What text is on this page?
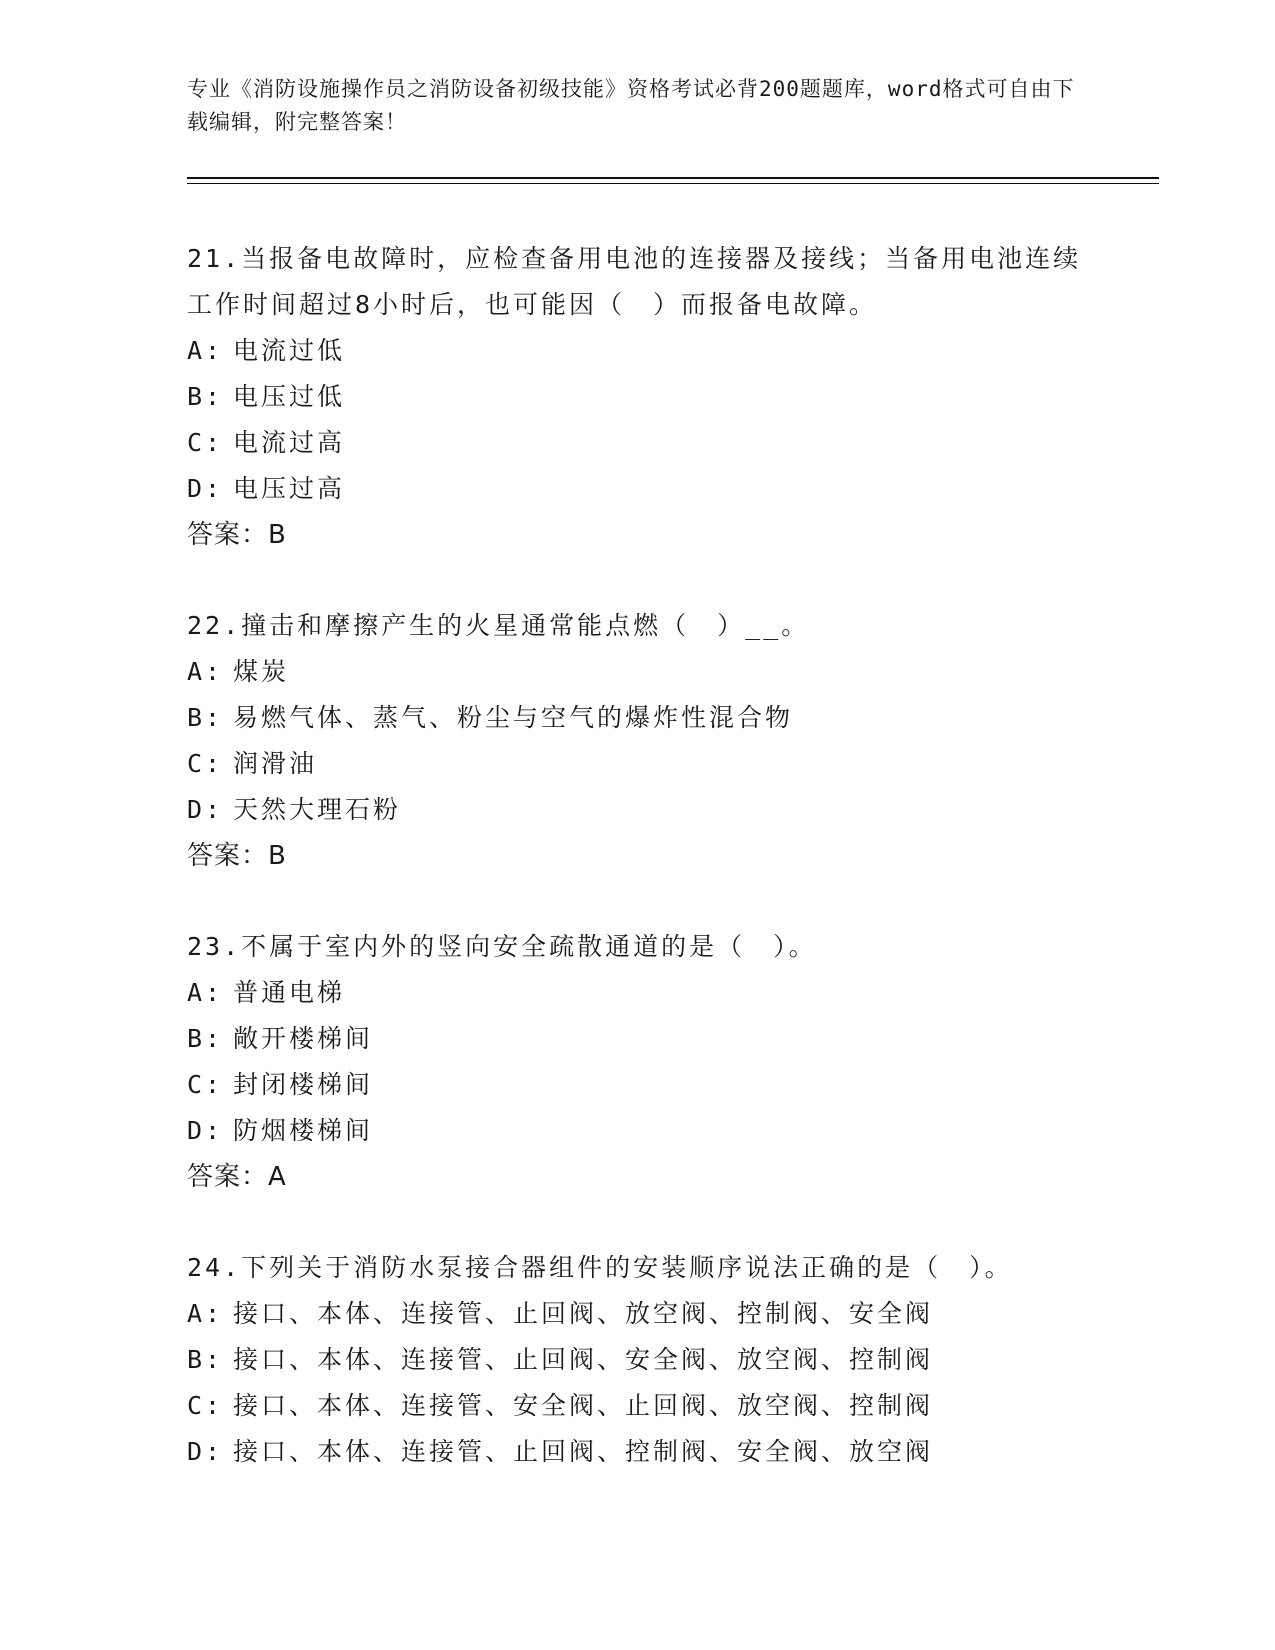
专业《消防设施操作员之消防设备初级技能》资格考试必背200题题库，word格式可自由下载编辑，附完整答案！

21.当报备电故障时，应检查备用电池的连接器及接线；当备用电池连续工作时间超过8小时后，也可能因（　）而报备电故障。

A: 电流过低
B: 电压过低
C: 电流过高
D: 电压过高
答案：B

22.撞击和摩擦产生的火星通常能点燃（　）__。

A: 煤炭
B: 易燃气体、蒸气、粉尘与空气的爆炸性混合物
C: 润滑油
D: 天然大理石粉
答案：B

23.不属于室内外的竖向安全疏散通道的是（　）。

A: 普通电梯
B: 敞开楼梯间
C: 封闭楼梯间
D: 防烟楼梯间
答案：A

24.下列关于消防水泵接合器组件的安装顺序说法正确的是（　）。

A: 接口、本体、连接管、止回阀、放空阀、控制阀、安全阀
B: 接口、本体、连接管、止回阀、安全阀、放空阀、控制阀
C: 接口、本体、连接管、安全阀、止回阀、放空阀、控制阀
D: 接口、本体、连接管、止回阀、控制阀、安全阀、放空阀
